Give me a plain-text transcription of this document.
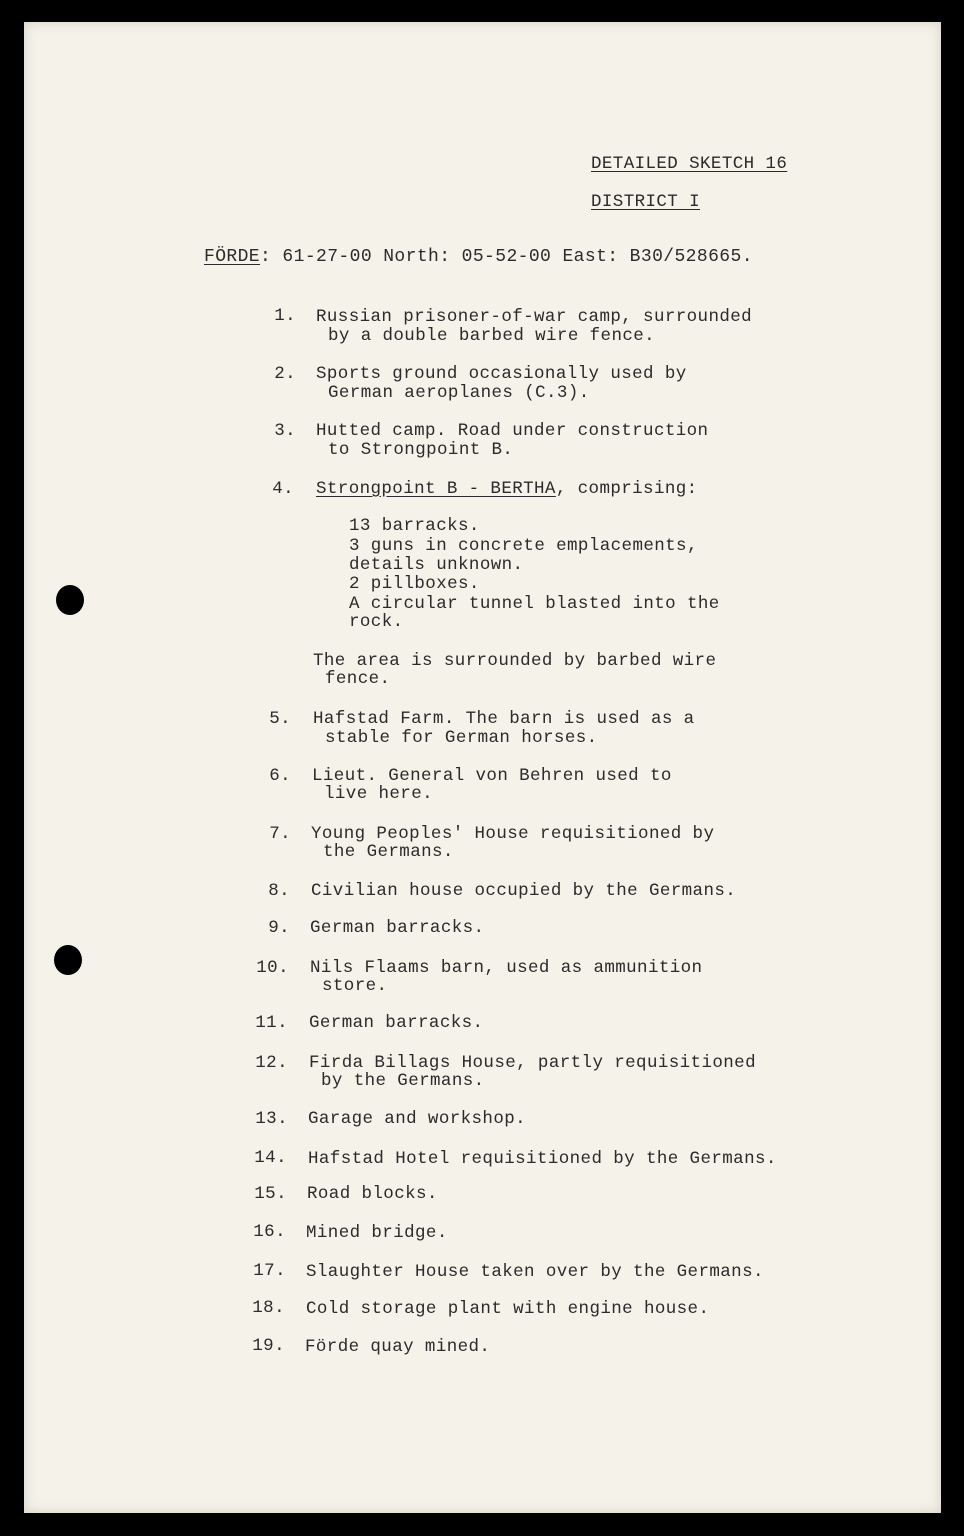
DETAILED SKETCH 16
DISTRICT I
FÖRDE: 61-27-00 North: 05-52-00 East: B30/528665.
1. Russian prisoner-of-war camp, surrounded
by a double barbed wire fence.
2. Sports ground occasionally used by
German aeroplanes (C.3).
3. Hutted camp. Road under construction
to Strongpoint B.
4. Strongpoint B - BERTHA, comprising:
13 barracks.
3 guns in concrete emplacements,
details unknown.
2 pillboxes.
A circular tunnel blasted into the
rock.
The area is surrounded by barbed wire
fence.
5. Hafstad Farm. The barn is used as a
stable for German horses.
6. Lieut. General von Behren used to
live here.
7. Young Peoples' House requisitioned by
the Germans.
8. Civilian house occupied by the Germans.
9. German barracks.
10. Nils Flaams barn, used as ammunition
store.
11. German barracks.
12. Firda Billags House, partly requisitioned
by the Germans.
13. Garage and workshop.
14. Hafstad Hotel requisitioned by the Germans.
15. Road blocks.
16. Mined bridge.
17. Slaughter House taken over by the Germans.
18. Cold storage plant with engine house.
19. Förde quay mined.
